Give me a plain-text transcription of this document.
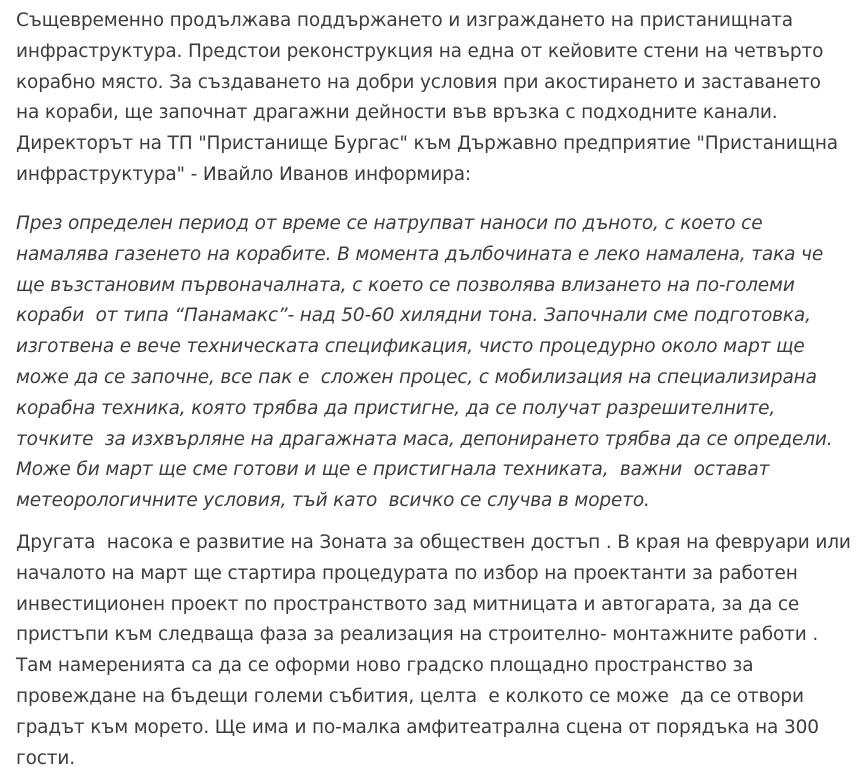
Същевременно продължава поддържането и изграждането на пристанищната
инфраструктура. Предстои реконструкция на една от кейовите стени на четвърто
корабно място. За създаването на добри условия при акостирането и заставането
на кораби, ще започнат драгажни дейности във връзка с подходните канали.
Директорът на ТП "Пристанище Бургас" към Държавно предприятие "Пристанищна
инфраструктура" - Ивайло Иванов информира:
През определен период от време се натрупват наноси по дъното, с което се
намалява газенето на корабите. В момента дълбочината е леко намалена, така че
ще възстановим първоначалната, с което се позволява влизането на по-големи
кораби  от типа “Панамакс”- над 50-60 хилядни тона. Започнали сме подготовка,
изготвена е вече техническата спецификация, чисто процедурно около март ще
може да се започне, все пак е  сложен процес, с мобилизация на специализирана
корабна техника, която трябва да пристигне, да се получат разрешителните,
точките  за изхвърляне на драгажната маса, депонирането трябва да се определи.
Може би март ще сме готови и ще е пристигнала техниката,  важни  остават
метеорологичните условия, тъй като  всичко се случва в морето.
Другата  насока е развитие на Зоната за обществен достъп . В края на февруари или
началото на март ще стартира процедурата по избор на проектанти за работен
инвестиционен проект по пространството зад митницата и автогарата, за да се
пристъпи към следваща фаза за реализация на строително- монтажните работи .
Там намеренията са да се оформи ново градско площадно пространство за
провеждане на бъдещи големи събития, целта  е колкото се може  да се отвори
градът към морето. Ще има и по-малка амфитеатрална сцена от порядъка на 300
гости.
